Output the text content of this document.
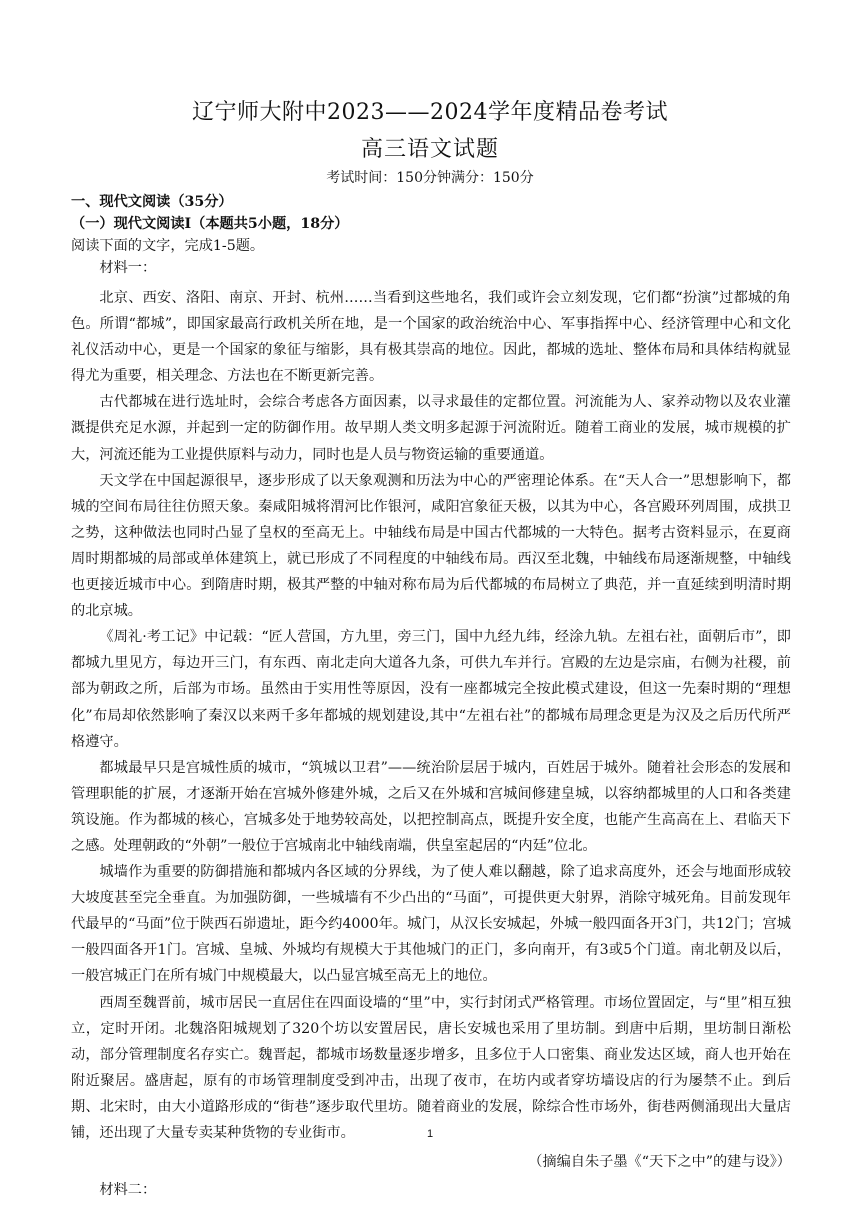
辽宁师大附中2023——2024学年度精品卷考试
高三语文试题
考试时间：150分钟满分：150分
一、现代文阅读（35分）
（一）现代文阅读Ⅰ（本题共5小题，18分）
阅读下面的文字，完成1-5题。
材料一：

北京、西安、洛阳、南京、开封、杭州……当看到这些地名，我们或许会立刻发现，它们都“扮演”过都城的角色。所谓“都城”，即国家最高行政机关所在地，是一个国家的政治统治中心、军事指挥中心、经济管理中心和文化礼仪活动中心，更是一个国家的象征与缩影，具有极其崇高的地位。因此，都城的选址、整体布局和具体结构就显得尤为重要，相关理念、方法也在不断更新完善。

古代都城在进行选址时，会综合考虑各方面因素，以寻求最佳的定都位置。河流能为人、家养动物以及农业灌溉提供充足水源，并起到一定的防御作用。故早期人类文明多起源于河流附近。随着工商业的发展，城市规模的扩大，河流还能为工业提供原料与动力，同时也是人员与物资运输的重要通道。

天文学在中国起源很早，逐步形成了以天象观测和历法为中心的严密理论体系。在“天人合一”思想影响下，都城的空间布局往往仿照天象。秦咸阳城将渭河比作银河，咸阳宫象征天极，以其为中心，各宫殿环列周围，成拱卫之势，这种做法也同时凸显了皇权的至高无上。中轴线布局是中国古代都城的一大特色。据考古资料显示，在夏商周时期都城的局部或单体建筑上，就已形成了不同程度的中轴线布局。西汉至北魏，中轴线布局逐渐规整，中轴线也更接近城市中心。到隋唐时期，极其严整的中轴对称布局为后代都城的布局树立了典范，并一直延续到明清时期的北京城。

《周礼·考工记》中记载：“匠人营国，方九里，旁三门，国中九经九纬，经涂九轨。左祖右社，面朝后市”，即都城九里见方，每边开三门，有东西、南北走向大道各九条，可供九车并行。宫殿的左边是宗庙，右侧为社稷，前部为朝政之所，后部为市场。虽然由于实用性等原因，没有一座都城完全按此模式建设，但这一先秦时期的“理想化”布局却依然影响了秦汉以来两千多年都城的规划建设,其中“左祖右社”的都城布局理念更是为汉及之后历代所严格遵守。

都城最早只是宫城性质的城市，“筑城以卫君”——统治阶层居于城内，百姓居于城外。随着社会形态的发展和管理职能的扩展，才逐渐开始在宫城外修建外城，之后又在外城和宫城间修建皇城，以容纳都城里的人口和各类建筑设施。作为都城的核心，宫城多处于地势较高处，以把控制高点，既提升安全度，也能产生高高在上、君临天下之感。处理朝政的“外朝”一般位于宫城南北中轴线南端，供皇室起居的“内廷”位北。

城墙作为重要的防御措施和都城内各区域的分界线，为了使人难以翻越，除了追求高度外，还会与地面形成较大坡度甚至完全垂直。为加强防御，一些城墙有不少凸出的“马面”，可提供更大射界，消除守城死角。目前发现年代最早的“马面”位于陕西石峁遗址，距今约4000年。城门，从汉长安城起，外城一般四面各开3门，共12门；宫城一般四面各开1门。宫城、皇城、外城均有规模大于其他城门的正门，多向南开，有3或5个门道。南北朝及以后，一般宫城正门在所有城门中规模最大，以凸显宫城至高无上的地位。

西周至魏晋前，城市居民一直居住在四面设墙的“里”中，实行封闭式严格管理。市场位置固定，与“里”相互独立，定时开闭。北魏洛阳城规划了320个坊以安置居民，唐长安城也采用了里坊制。到唐中后期，里坊制日渐松动，部分管理制度名存实亡。魏晋起，都城市场数量逐步增多，且多位于人口密集、商业发达区域，商人也开始在附近聚居。盛唐起，原有的市场管理制度受到冲击，出现了夜市，在坊内或者穿坊墙设店的行为屡禁不止。到后期、北宋时，由大小道路形成的“街巷”逐步取代里坊。随着商业的发展，除综合性市场外，街巷两侧涌现出大量店铺，还出现了大量专卖某种货物的专业街市。

（摘编自朱子墨《“天下之中”的建与设》）
材料二：
1
